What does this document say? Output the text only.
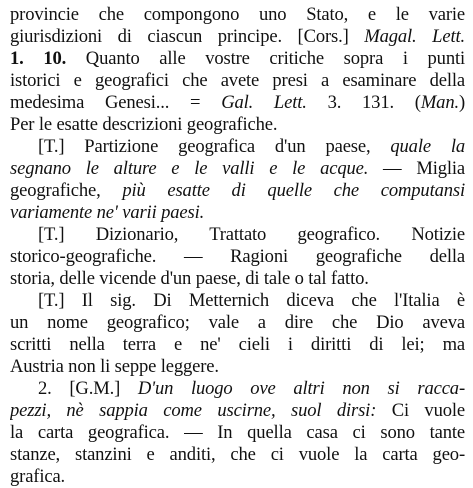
provincie che compongono uno Stato, e le varie
giurisdizioni di ciascun principe. [Cors.] Magal. Lett.
1. 10. Quanto alle vostre critiche sopra i punti
istorici e geografici che avete presi a esaminare della
medesima Genesi... = Gal. Lett. 3. 131. (Man.)
Per le esatte descrizioni geografiche.
[T.] Partizione geografica d'un paese, quale la
segnano le alture e le valli e le acque. — Miglia
geografiche, più esatte di quelle che computansi
variamente ne' varii paesi.
[T.] Dizionario, Trattato geografico. Notizie
storico-geografiche. — Ragioni geografiche della
storia, delle vicende d'un paese, di tale o tal fatto.
[T.] Il sig. Di Metternich diceva che l'Italia è
un nome geografico; vale a dire che Dio aveva
scritti nella terra e ne' cieli i diritti di lei; ma
Austria non li seppe leggere.
2. [G.M.] D'un luogo ove altri non si racca-
pezzi, nè sappia come uscirne, suol dirsi: Ci vuole
la carta geografica. — In quella casa ci sono tante
stanze, stanzini e anditi, che ci vuole la carta geo-
grafica.
